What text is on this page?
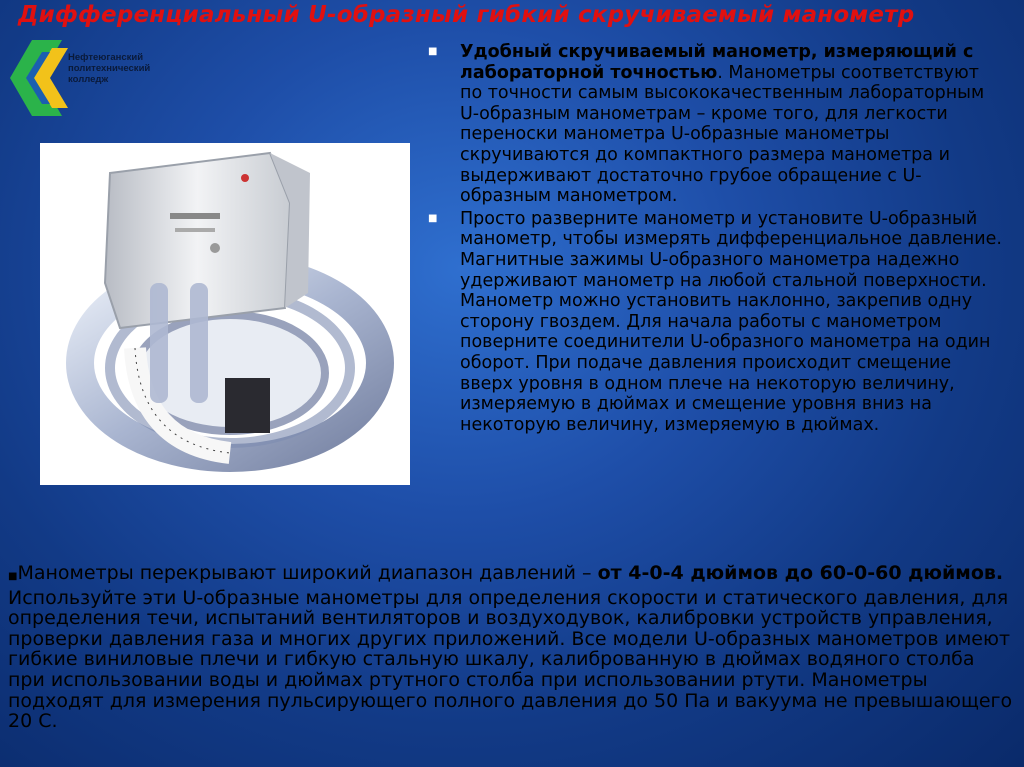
Дифференциальный U-образный гибкий скручиваемый манометр
Нефтеюганский
политехнический
колледж
■ Удобный скручиваемый манометр, измеряющий с лабораторной точностью. Манометры соответствуют по точности самым высококачественным лабораторным U-образным манометрам – кроме того, для легкости переноски манометра U-образные манометры скручиваются до компактного размера манометра и выдерживают достаточно грубое обращение с U-образным манометром.
■ Просто разверните манометр и установите U-образный манометр, чтобы измерять дифференциальное давление. Магнитные зажимы U-образного манометра надежно удерживают манометр на любой стальной поверхности. Манометр можно установить наклонно, закрепив одну сторону гвоздем. Для начала работы с манометром поверните соединители U-образного манометра на один оборот. При подаче давления происходит смещение вверх уровня в одном плече на некоторую величину, измеряемую в дюймах и смещение уровня вниз на некоторую величину, измеряемую в дюймах.
■Манометры перекрывают широкий диапазон давлений – от 4-0-4 дюймов до 60-0-60 дюймов. Используйте эти U-образные манометры для определения скорости и статического давления, для определения течи, испытаний вентиляторов и воздуходувок, калибровки устройств управления, проверки давления газа и многих других приложений. Все модели U-образных манометров имеют гибкие виниловые плечи и гибкую стальную шкалу, калиброванную в дюймах водяного столба при использовании воды и дюймах ртутного столба при использовании ртути. Манометры подходят для измерения пульсирующего полного давления до 50 Па и вакуума не превышающего 20 С.
